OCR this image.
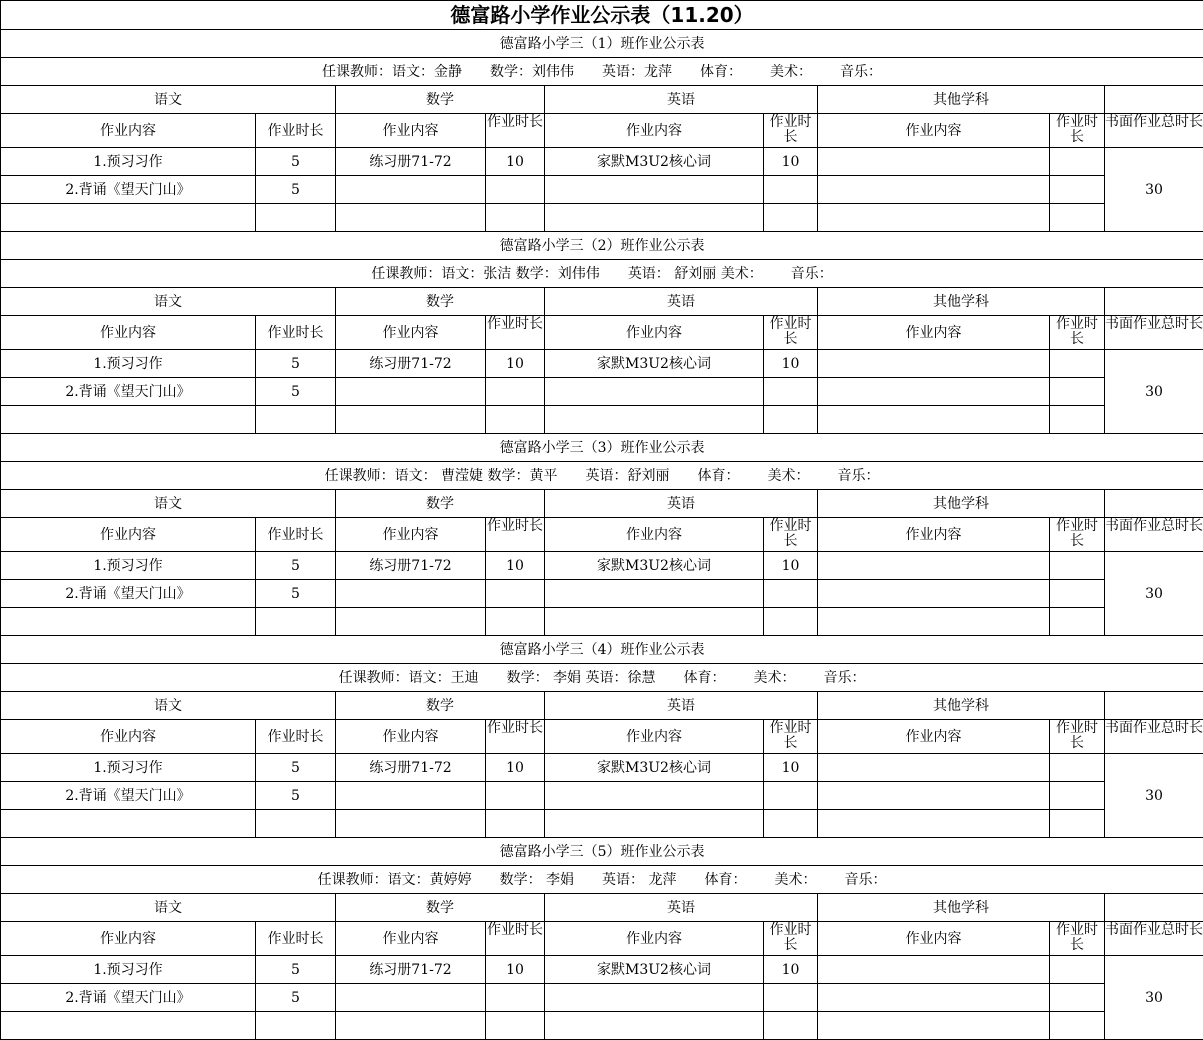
德富路小学作业公示表（11.20）								
德富路小学三（1）班作业公示表								
任课教师：语文：金静 数学：刘伟伟 英语：龙萍 体育： 美术： 音乐：								
语文		数学		英语		其他学科		
作业内容	作业时长	作业内容	作业时长	作业内容	作业时长	作业内容	作业时长	书面作业总时长
1.预习习作	5	练习册71-72	10	家默M3U2核心词	10			30
2.背诵《望天门山》	5							

德富路小学三（2）班作业公示表								
任课教师：语文：张洁 数学：刘伟伟 英语： 舒刘丽 美术： 音乐：								
语文		数学		英语		其他学科		
作业内容	作业时长	作业内容	作业时长	作业内容	作业时长	作业内容	作业时长	书面作业总时长
1.预习习作	5	练习册71-72	10	家默M3U2核心词	10			30
2.背诵《望天门山》	5							

德富路小学三（3）班作业公示表								
任课教师：语文： 曹滢婕 数学：黄平 英语：舒刘丽 体育： 美术： 音乐：								
语文		数学		英语		其他学科		
作业内容	作业时长	作业内容	作业时长	作业内容	作业时长	作业内容	作业时长	书面作业总时长
1.预习习作	5	练习册71-72	10	家默M3U2核心词	10			30
2.背诵《望天门山》	5							

德富路小学三（4）班作业公示表								
任课教师：语文：王迪 数学： 李娟 英语：徐慧 体育： 美术： 音乐：								
语文		数学		英语		其他学科		
作业内容	作业时长	作业内容	作业时长	作业内容	作业时长	作业内容	作业时长	书面作业总时长
1.预习习作	5	练习册71-72	10	家默M3U2核心词	10			30
2.背诵《望天门山》	5							

德富路小学三（5）班作业公示表								
任课教师：语文：黄婷婷 数学： 李娟 英语： 龙萍 体育： 美术： 音乐：								
语文		数学		英语		其他学科		
作业内容	作业时长	作业内容	作业时长	作业内容	作业时长	作业内容	作业时长	书面作业总时长
1.预习习作	5	练习册71-72	10	家默M3U2核心词	10			30
2.背诵《望天门山》	5							
